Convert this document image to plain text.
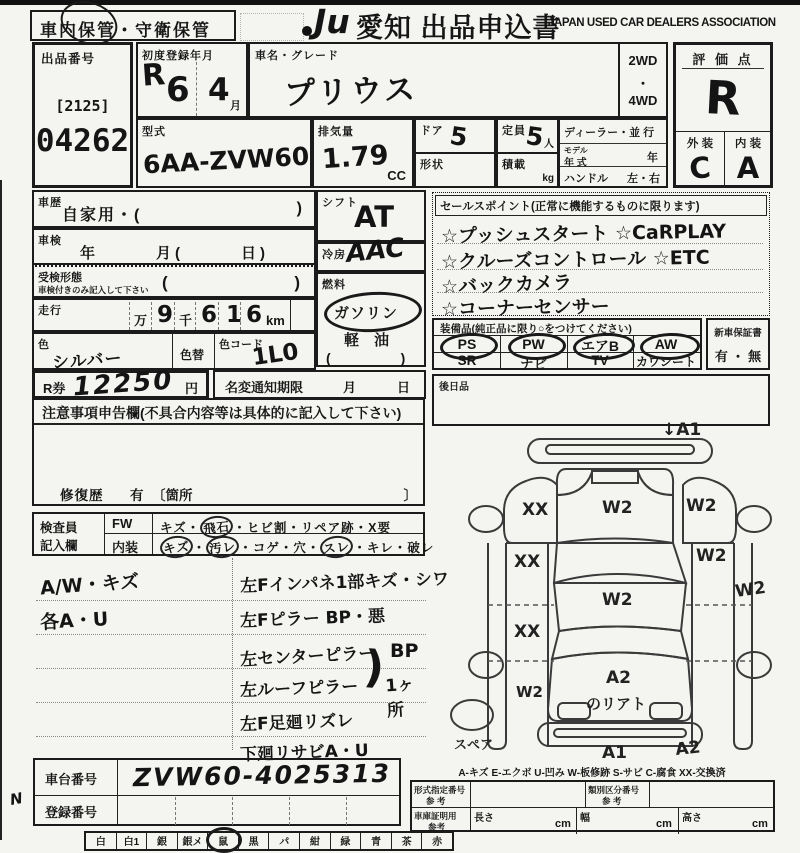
車内保管・守衛保管	Ju 愛知 出品申込書
JAPAN USED CAR DEALERS ASSOCIATION
出品番号
[2125]
04262
初度登録年月
R 6 4 月
車名・グレード
プリウス
2WD
・
4WD
評 価 点
R
外 装	内 装
C A
型式
6AA-ZVW60
排気量
1.79
CC
ドア 5
形状
定員
5
人
積載
kg
ディーラー・並 行
モデル
年 式	年
ハンドル 左・右
車歴
自家用・(	)
車検
年　　　月(　　　日)
受検形態
車検付きのみ記入して下さい (	)
走行
万 9 千 6 1 6 km
色
シルバー	色替
色コード
1L0
シフト
AT
冷房
AAC
燃料
ガソリン
軽　油
(　　　　　)
R券 12250 円 名変通知期限	月	日
セールスポイント(正常に機能するものに限ります)
☆プッシュスタート ☆CaRPLAY
☆クルーズコントロール ☆ETC
☆バックカメラ
☆コーナーセンサー
装備品(純正品に限り○をつけてください)
PS	PW	エアB	AW
SR	ナビ	TV	カワシート
新車保証書
有 ・ 無
後日品
注意事項申告欄(不具合内容等は具体的に記入して下さい)
修復歴 有 〔箇所	〕
検査員
記入欄
FW キズ・ 飛石 ・ヒビ割・リペア跡・X要
内装 キズ ・ 汚レ ・コゲ・穴・ スレ ・キレ・破レ
A/W・キズ
各A・U
左Fインパネ1部キズ・シワ
左Fピラー BP・悪
左センターピラー
左ルーフピラー ) BP
1ヶ所
左F足廻リズレ
下廻リサビA・U
↓A1
W2
XX	W2
XX	W2
W2
W2
XX
W2
A2
のリアト
A1	A2
スペア
車台番号 ZVW60-4025313
登録番号
N
A-キズ E-エクボ U-凹み W-板修跡 S-サビ C-腐食 XX-交換済
形式指定番号
参 考
類別区分番号
参 考
車庫証明用
参考
長さ	cm 幅	cm 高さ	cm
白	白1	銀	銀メ	鼠	黒	パ	紺	緑	青	茶	赤
